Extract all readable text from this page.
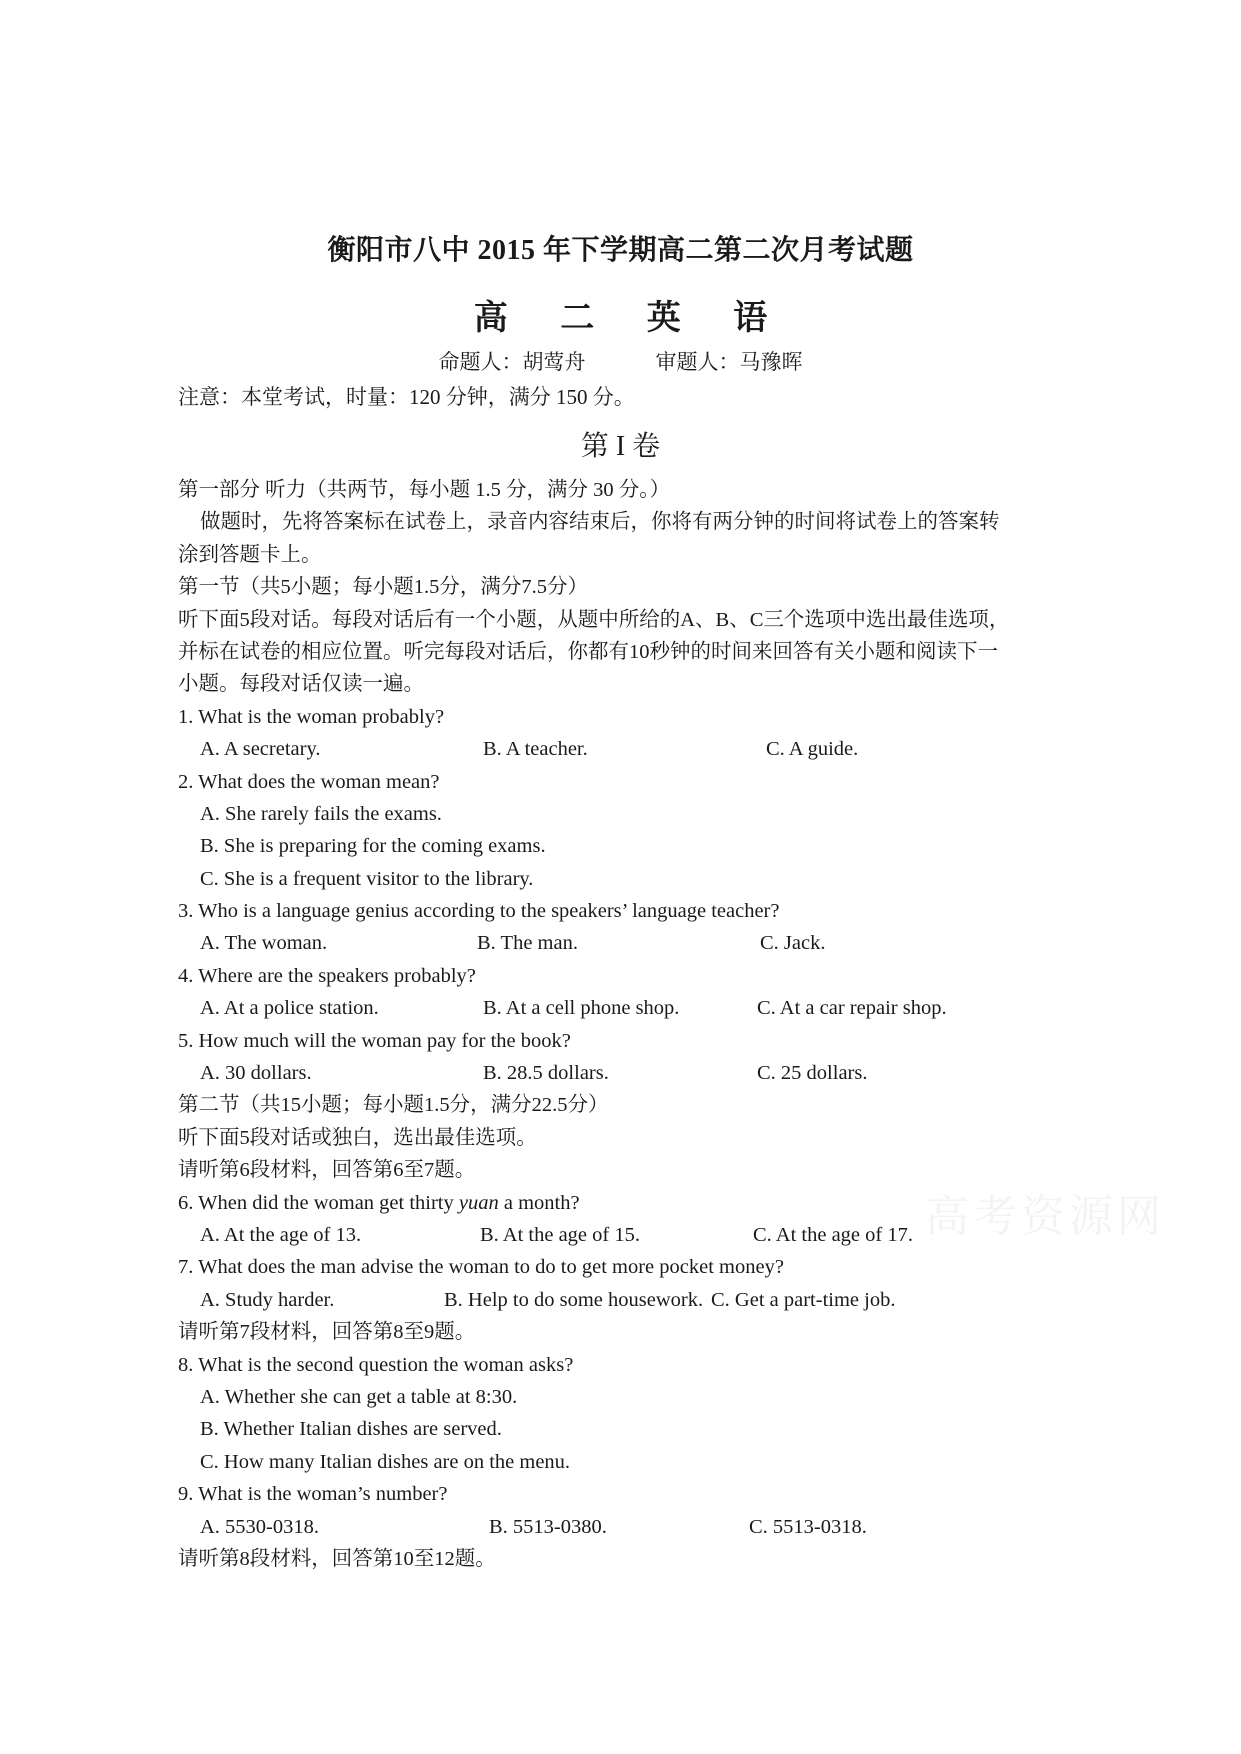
衡阳市八中 2015 年下学期高二第二次月考试题
高 二 英 语
命题人：胡莺舟	审题人：马豫晖
注意：本堂考试，时量：120 分钟，满分 150 分。
第 I 卷
第一部分 听力（共两节，每小题 1.5 分，满分 30 分。）
做题时，先将答案标在试卷上，录音内容结束后，你将有两分钟的时间将试卷上的答案转
涂到答题卡上。
第一节（共5小题；每小题1.5分，满分7.5分）
听下面5段对话。每段对话后有一个小题，从题中所给的A、B、C三个选项中选出最佳选项，
并标在试卷的相应位置。听完每段对话后，你都有10秒钟的时间来回答有关小题和阅读下一
小题。每段对话仅读一遍。
1. What is the woman probably?
A. A secretary.	B. A teacher.	C. A guide.
2. What does the woman mean?
A. She rarely fails the exams.
B. She is preparing for the coming exams.
C. She is a frequent visitor to the library.
3. Who is a language genius according to the speakers’ language teacher?
A. The woman.	B. The man.	C. Jack.
4. Where are the speakers probably?
A. At a police station.	B. At a cell phone shop.	C. At a car repair shop.
5. How much will the woman pay for the book?
A. 30 dollars.	B. 28.5 dollars.	C. 25 dollars.
第二节（共15小题；每小题1.5分，满分22.5分）
听下面5段对话或独白，选出最佳选项。
请听第6段材料，回答第6至7题。
6. When did the woman get thirty yuan a month?
A. At the age of 13.	B. At the age of 15.	C. At the age of 17.
7. What does the man advise the woman to do to get more pocket money?
A. Study harder.	B. Help to do some housework. C. Get a part-time job.
请听第7段材料，回答第8至9题。
8. What is the second question the woman asks?
A. Whether she can get a table at 8:30.
B. Whether Italian dishes are served.
C. How many Italian dishes are on the menu.
9. What is the woman’s number?
A. 5530-0318.	B. 5513-0380.	C. 5513-0318.
请听第8段材料，回答第10至12题。
高考资源网
